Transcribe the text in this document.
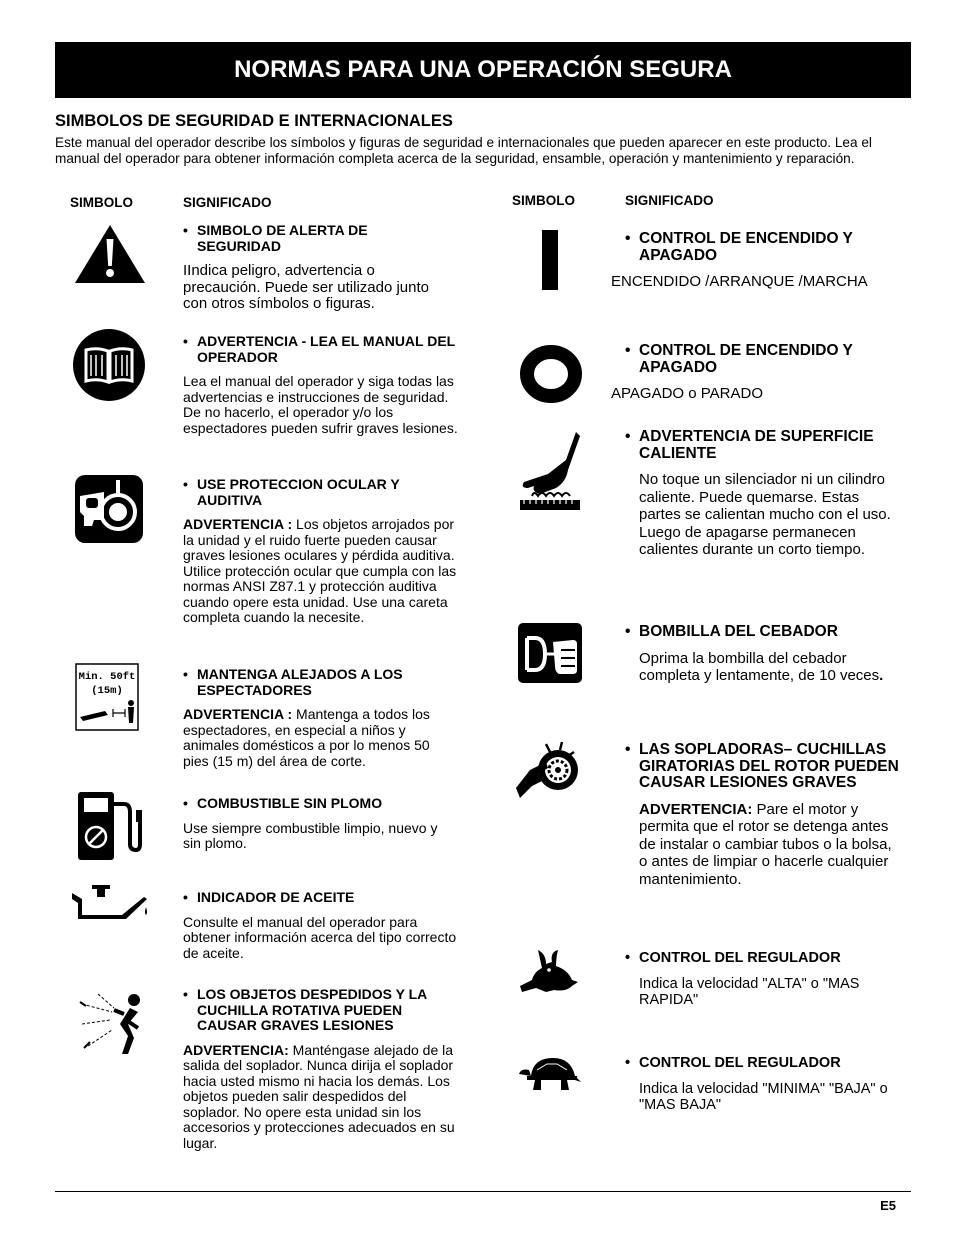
NORMAS PARA UNA OPERACIÓN SEGURA
SIMBOLOS DE SEGURIDAD E INTERNACIONALES
Este manual del operador describe los símbolos y figuras de seguridad e internacionales que pueden aparecer en este producto. Lea el manual del operador para obtener información completa acerca de la seguridad, ensamble, operación y mantenimiento y reparación.
SIMBOLO	SIGNIFICADO	SIMBOLO	SIGNIFICADO
Min. 50ft
(15m)
• SIMBOLO DE ALERTA DE SEGURIDAD
IIndica peligro, advertencia o precaución. Puede ser utilizado junto con otros símbolos o figuras.
• ADVERTENCIA - LEA EL MANUAL DEL OPERADOR
Lea el manual del operador y siga todas las advertencias e instrucciones de seguridad. De no hacerlo, el operador y/o los espectadores pueden sufrir graves lesiones.
• USE PROTECCION OCULAR Y AUDITIVA
ADVERTENCIA : Los objetos arrojados por la unidad y el ruido fuerte pueden causar graves lesiones oculares y pérdida auditiva. Utilice protección ocular que cumpla con las normas ANSI Z87.1 y protección auditiva cuando opere esta unidad. Use una careta completa cuando la necesite.
• MANTENGA ALEJADOS A LOS ESPECTADORES
ADVERTENCIA : Mantenga a todos los espectadores, en especial a niños y animales domésticos a por lo menos 50 pies (15 m) del área de corte.
• COMBUSTIBLE SIN PLOMO
Use siempre combustible limpio, nuevo y sin plomo.
• INDICADOR DE ACEITE
Consulte el manual del operador para obtener información acerca del tipo correcto de aceite.
• LOS OBJETOS DESPEDIDOS Y LA CUCHILLA ROTATIVA PUEDEN CAUSAR GRAVES LESIONES
ADVERTENCIA: Manténgase alejado de la salida del soplador. Nunca dirija el soplador hacia usted mismo ni hacia los demás. Los objetos pueden salir despedidos del soplador. No opere esta unidad sin los accesorios y protecciones adecuados en su lugar.
• CONTROL DE ENCENDIDO Y APAGADO
ENCENDIDO /ARRANQUE /MARCHA
• CONTROL DE ENCENDIDO Y APAGADO
APAGADO o PARADO
• ADVERTENCIA DE SUPERFICIE CALIENTE
No toque un silenciador ni un cilindro caliente. Puede quemarse. Estas partes se calientan mucho con el uso. Luego de apagarse permanecen calientes durante un corto tiempo.
• BOMBILLA DEL CEBADOR
Oprima la bombilla del cebador completa y lentamente, de 10 veces.
• LAS SOPLADORAS– CUCHILLAS GIRATORIAS DEL ROTOR PUEDEN CAUSAR LESIONES GRAVES
ADVERTENCIA: Pare el motor y permita que el rotor se detenga antes de instalar o cambiar tubos o la bolsa, o antes de limpiar o hacerle cualquier mantenimiento.
• CONTROL DEL REGULADOR
Indica la velocidad "ALTA" o "MAS RAPIDA"
• CONTROL DEL REGULADOR
Indica la velocidad "MINIMA" "BAJA" o "MAS BAJA"
E5
